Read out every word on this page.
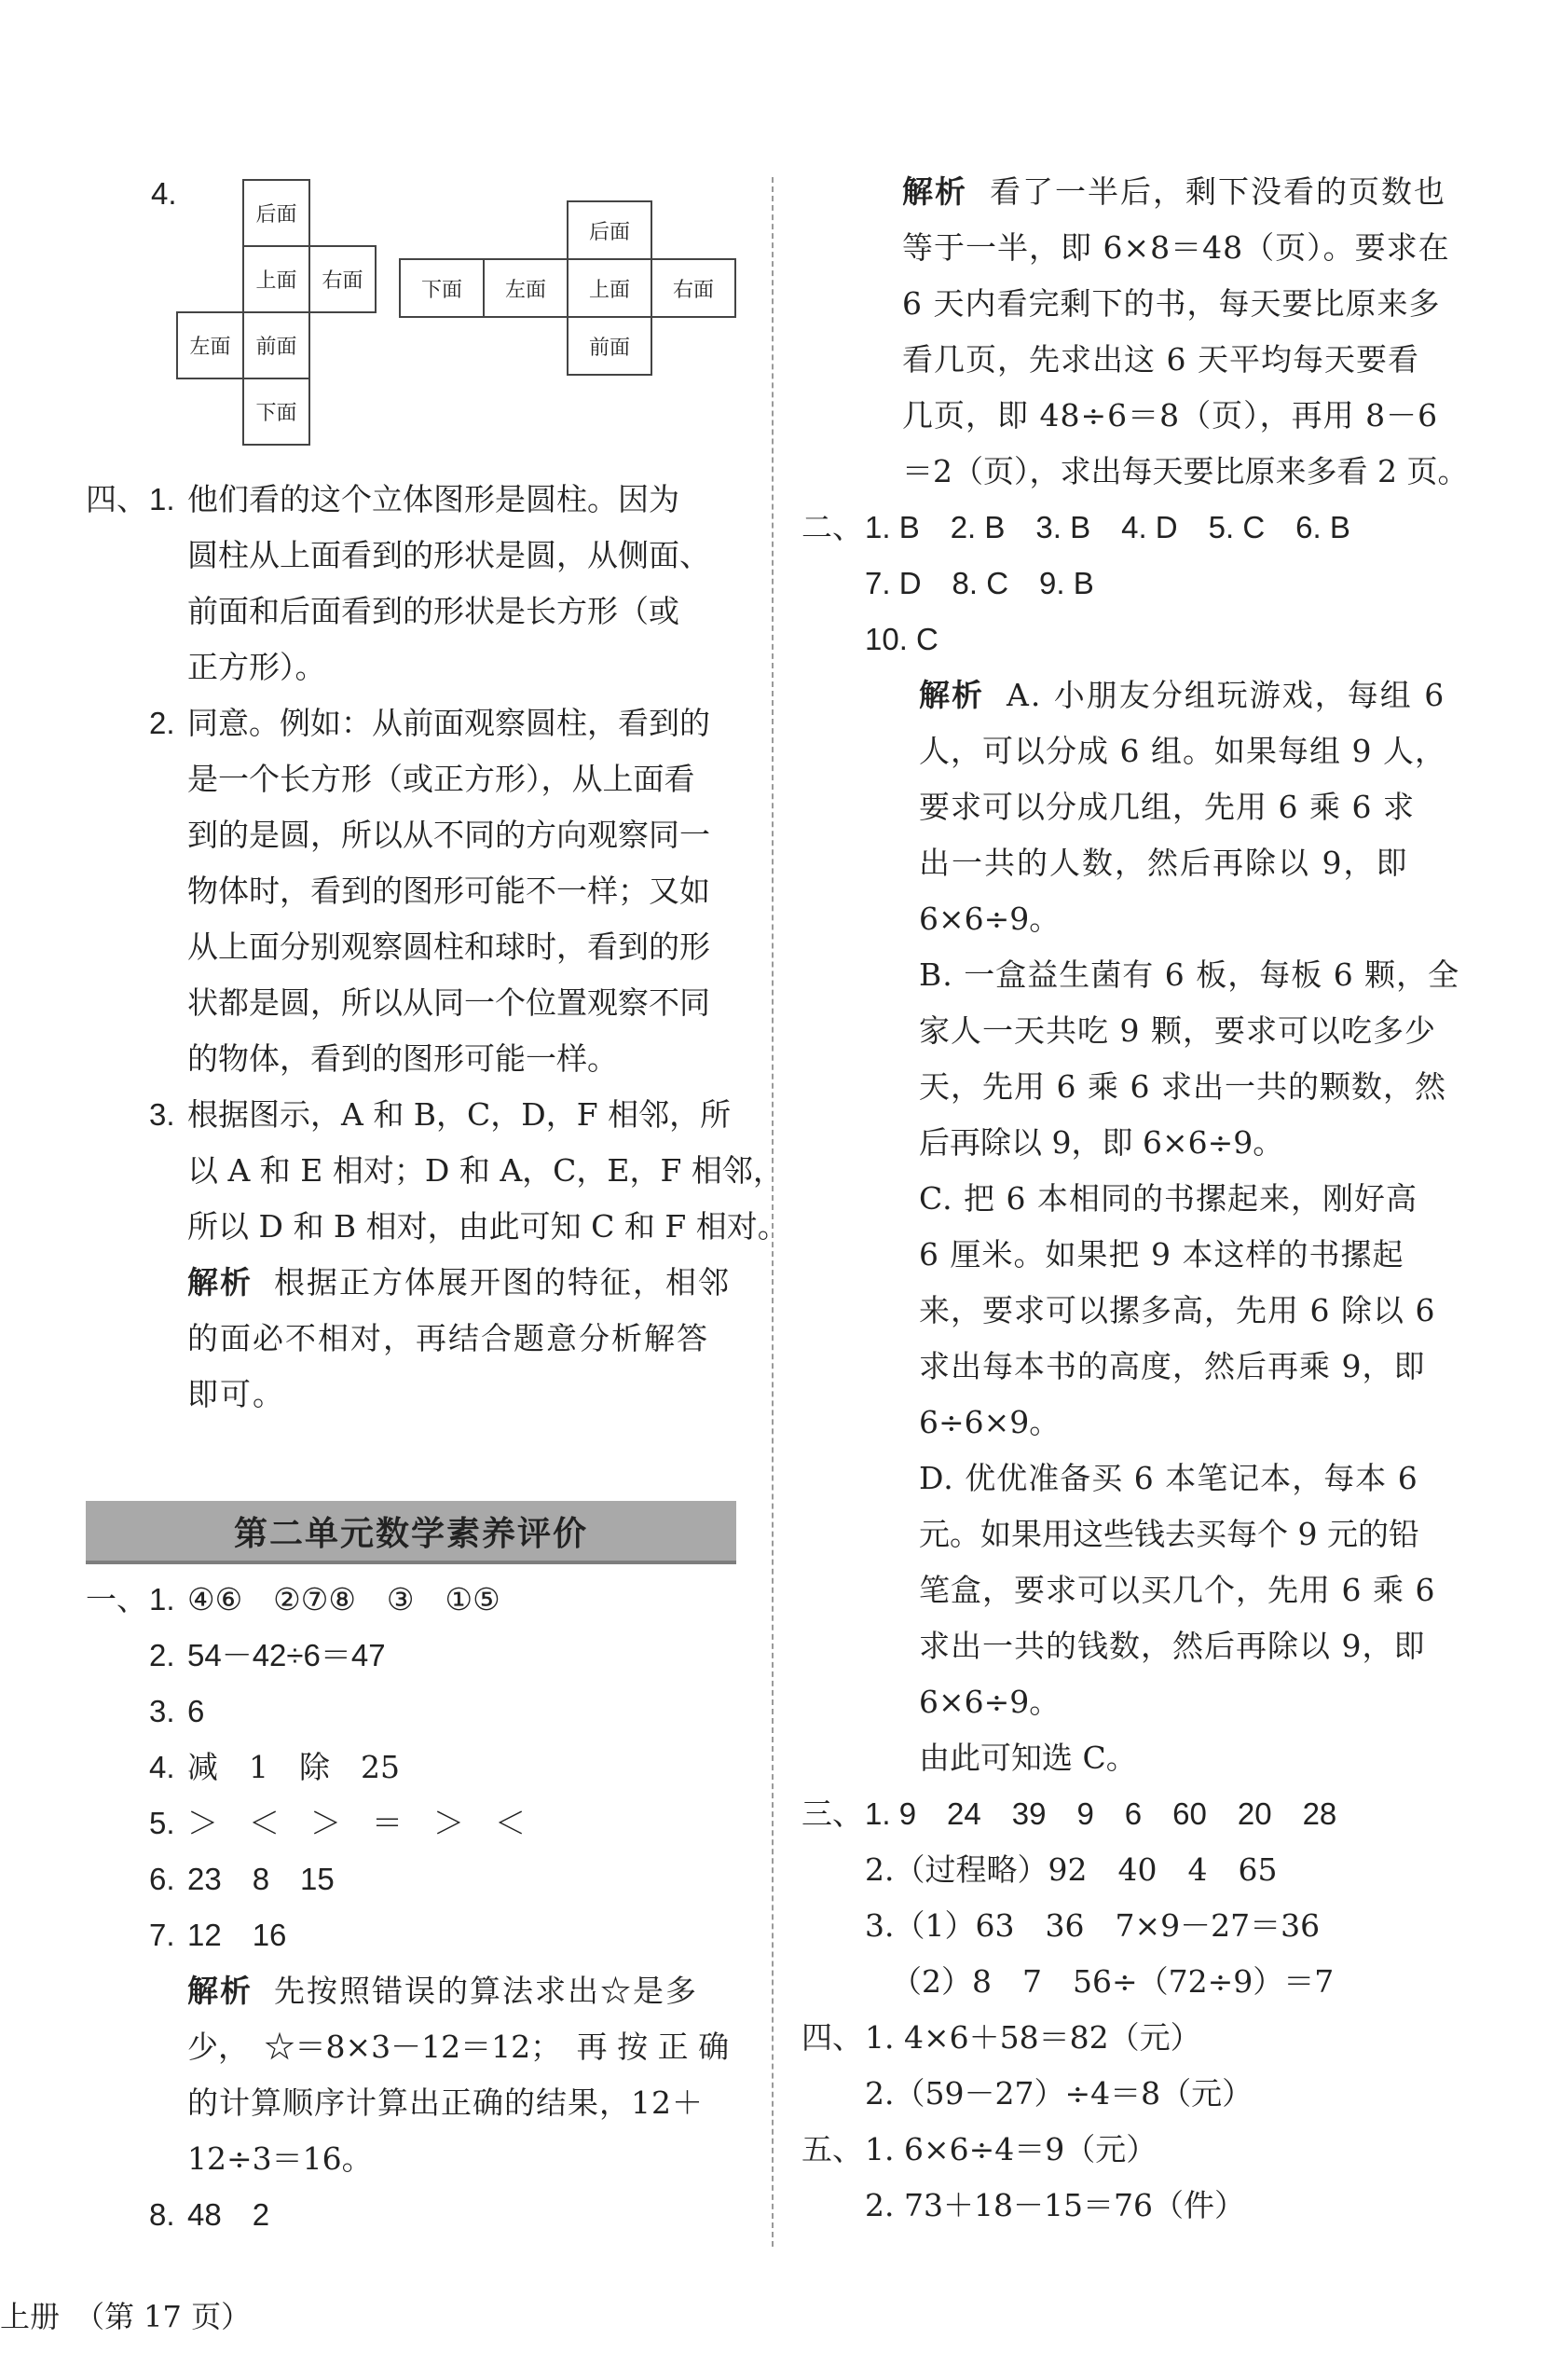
4.
后面
上面	右面
左面	前面
下面
后面
下面	左面	上面	右面
前面
四、 1. 他们看的这个立体图形是圆柱。因为
圆柱从上面看到的形状是圆，从侧面、
前面和后面看到的形状是长方形（或
正方形）。
2. 同意。例如：从前面观察圆柱，看到的
是一个长方形（或正方形），从上面看
到的是圆，所以从不同的方向观察同一
物体时，看到的图形可能不一样；又如
从上面分别观察圆柱和球时，看到的形
状都是圆，所以从同一个位置观察不同
的物体，看到的图形可能一样。
3. 根据图示，A 和 B，C，D，F 相邻，所
以 A 和 E 相对；D 和 A，C，E，F 相邻，
所以 D 和 B 相对，由此可知 C 和 F 相对。
解析 根据正方体展开图的特征，相邻
的面必不相对，再结合题意分析解答
即可。
第二单元数学素养评价
一、 1. ④⑥　②⑦⑧　③　①⑤
2. 54－42÷6＝47
3. 6
4. 减　1　除　25
5. ＞　＜　＞　＝　＞　＜
6. 23　8　15
7. 12　16
解析 先按照错误的算法求出☆是多
少，　☆＝8×3－12＝12；　再 按 正 确
的计算顺序计算出正确的结果，12＋
12÷3＝16。
8. 48　2
解析 看了一半后，剩下没看的页数也
等于一半，即 6×8＝48（页）。要求在
6 天内看完剩下的书，每天要比原来多
看几页，先求出这 6 天平均每天要看
几页，即 48÷6＝8（页），再用 8－6
＝2（页），求出每天要比原来多看 2 页。
二、 1. B　2. B　3. B　4. D　5. C　6. B
7. D　8. C　9. B
10. C
解析 A. 小朋友分组玩游戏，每组 6
人，可以分成 6 组。如果每组 9 人，
要求可以分成几组，先用 6 乘 6 求
出一共的人数，然后再除以 9，即
6×6÷9。
B. 一盒益生菌有 6 板，每板 6 颗，全
家人一天共吃 9 颗，要求可以吃多少
天，先用 6 乘 6 求出一共的颗数，然
后再除以 9，即 6×6÷9。
C. 把 6 本相同的书摞起来，刚好高
6 厘米。如果把 9 本这样的书摞起
来，要求可以摞多高，先用 6 除以 6
求出每本书的高度，然后再乘 9，即
6÷6×9。
D. 优优准备买 6 本笔记本，每本 6
元。如果用这些钱去买每个 9 元的铅
笔盒，要求可以买几个，先用 6 乘 6
求出一共的钱数，然后再除以 9，即
6×6÷9。
由此可知选 C。
三、 1. 9　24　39　9　6　60　20　28
2.（过程略）92　40　4　65
3.（1）63　36　7×9－27＝36
（2）8　7　56÷（72÷9）＝7
四、 1. 4×6＋58＝82（元）
2.（59－27）÷4＝8（元）
五、 1. 6×6÷4＝9（元）
2. 73＋18－15＝76（件）
上册　（第 17 页）
